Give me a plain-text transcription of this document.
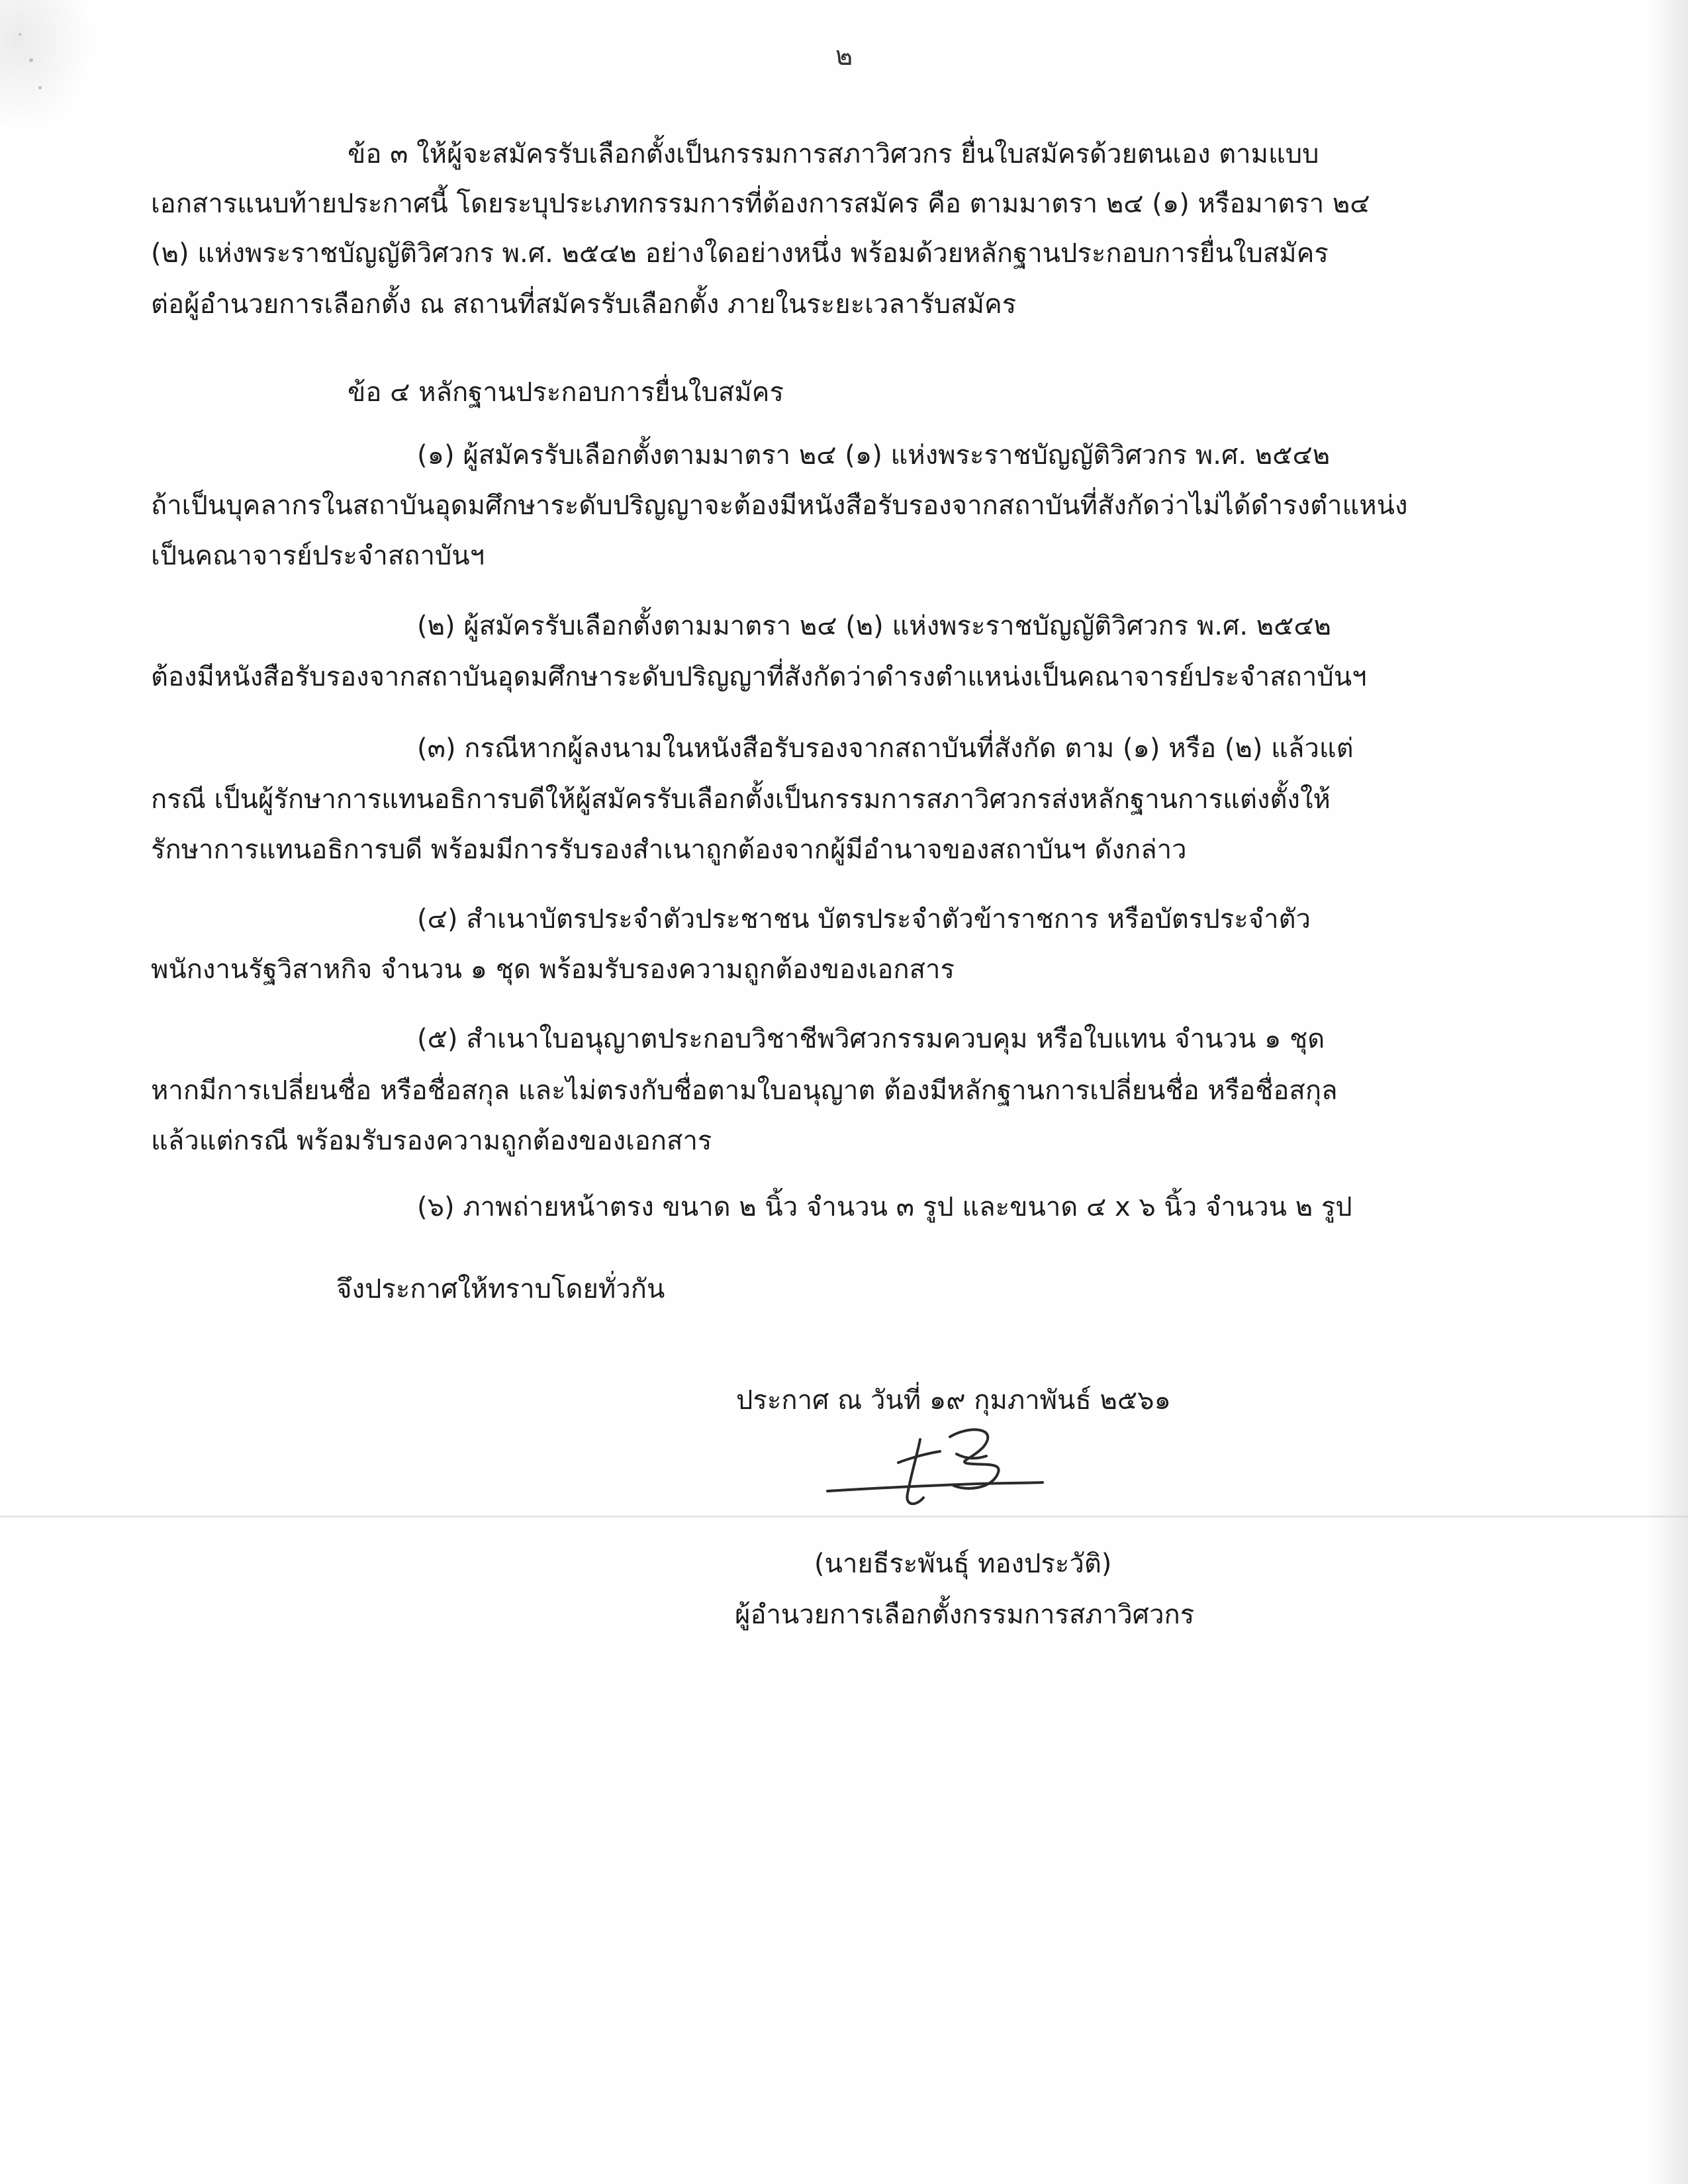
๒
ข้อ ๓ ให้ผู้จะสมัครรับเลือกตั้งเป็นกรรมการสภาวิศวกร ยื่นใบสมัครด้วยตนเอง ตามแบบ
เอกสารแนบท้ายประกาศนี้ โดยระบุประเภทกรรมการที่ต้องการสมัคร คือ ตามมาตรา ๒๔ (๑) หรือมาตรา ๒๔
(๒) แห่งพระราชบัญญัติวิศวกร พ.ศ. ๒๕๔๒ อย่างใดอย่างหนึ่ง พร้อมด้วยหลักฐานประกอบการยื่นใบสมัคร
ต่อผู้อำนวยการเลือกตั้ง ณ สถานที่สมัครรับเลือกตั้ง ภายในระยะเวลารับสมัคร
ข้อ ๔ หลักฐานประกอบการยื่นใบสมัคร
(๑) ผู้สมัครรับเลือกตั้งตามมาตรา ๒๔ (๑) แห่งพระราชบัญญัติวิศวกร พ.ศ. ๒๕๔๒
ถ้าเป็นบุคลากรในสถาบันอุดมศึกษาระดับปริญญาจะต้องมีหนังสือรับรองจากสถาบันที่สังกัดว่าไม่ได้ดำรงตำแหน่ง
เป็นคณาจารย์ประจำสถาบันฯ
(๒) ผู้สมัครรับเลือกตั้งตามมาตรา ๒๔ (๒) แห่งพระราชบัญญัติวิศวกร พ.ศ. ๒๕๔๒
ต้องมีหนังสือรับรองจากสถาบันอุดมศึกษาระดับปริญญาที่สังกัดว่าดำรงตำแหน่งเป็นคณาจารย์ประจำสถาบันฯ
(๓) กรณีหากผู้ลงนามในหนังสือรับรองจากสถาบันที่สังกัด ตาม (๑) หรือ (๒) แล้วแต่
กรณี เป็นผู้รักษาการแทนอธิการบดีให้ผู้สมัครรับเลือกตั้งเป็นกรรมการสภาวิศวกรส่งหลักฐานการแต่งตั้งให้
รักษาการแทนอธิการบดี พร้อมมีการรับรองสำเนาถูกต้องจากผู้มีอำนาจของสถาบันฯ ดังกล่าว
(๔) สำเนาบัตรประจำตัวประชาชน บัตรประจำตัวข้าราชการ หรือบัตรประจำตัว
พนักงานรัฐวิสาหกิจ จำนวน ๑ ชุด พร้อมรับรองความถูกต้องของเอกสาร
(๕) สำเนาใบอนุญาตประกอบวิชาชีพวิศวกรรมควบคุม หรือใบแทน จำนวน ๑ ชุด
หากมีการเปลี่ยนชื่อ หรือชื่อสกุล และไม่ตรงกับชื่อตามใบอนุญาต ต้องมีหลักฐานการเปลี่ยนชื่อ หรือชื่อสกุล
แล้วแต่กรณี พร้อมรับรองความถูกต้องของเอกสาร
(๖) ภาพถ่ายหน้าตรง ขนาด ๒ นิ้ว จำนวน ๓ รูป และขนาด ๔ x ๖ นิ้ว จำนวน ๒ รูป
จึงประกาศให้ทราบโดยทั่วกัน
ประกาศ ณ วันที่ ๑๙ กุมภาพันธ์ ๒๕๖๑
(นายธีระพันธุ์ ทองประวัติ)
ผู้อำนวยการเลือกตั้งกรรมการสภาวิศวกร
